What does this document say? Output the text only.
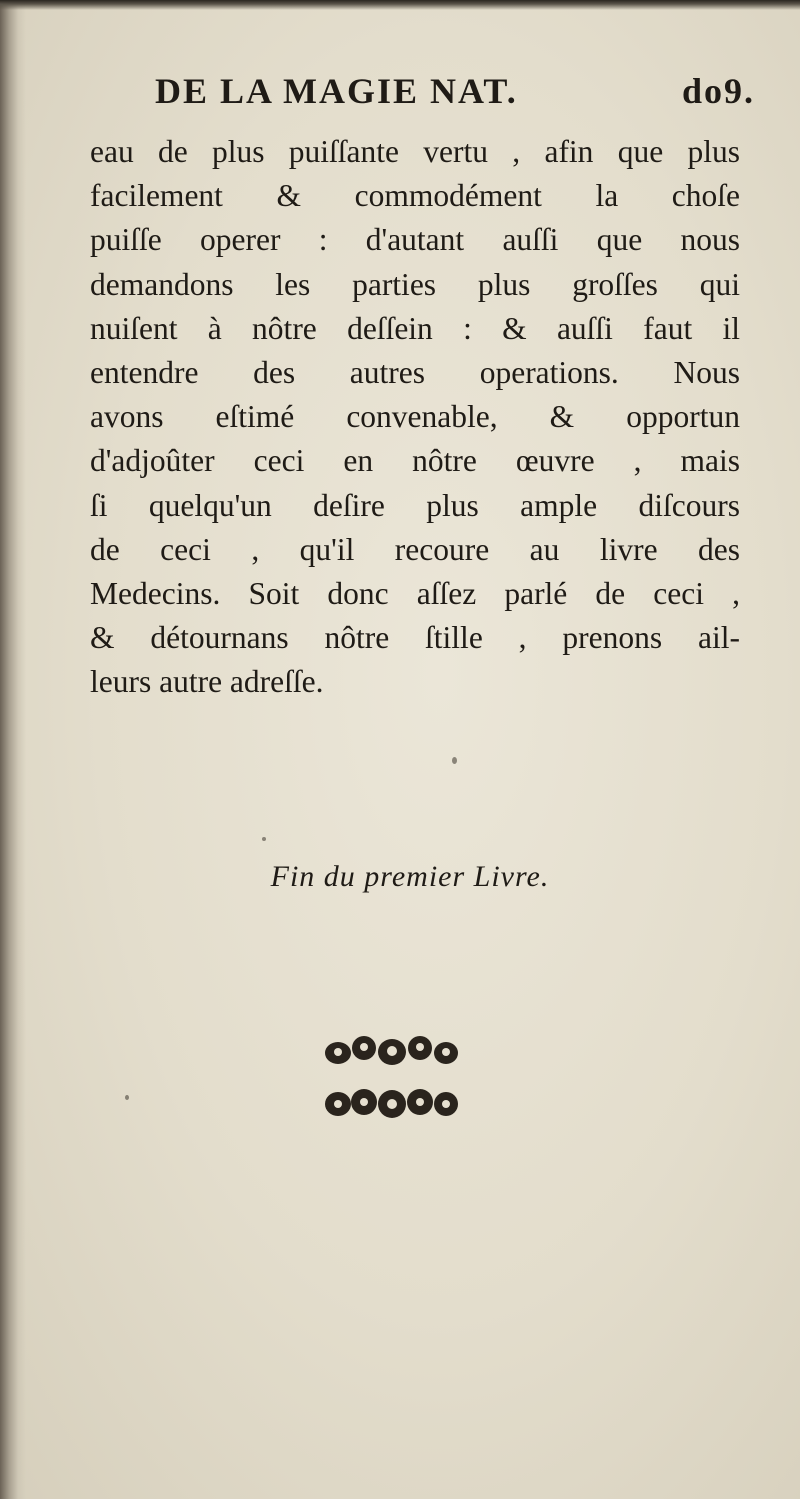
DE LA MAGIE NAT.	do9.
eau de plus puiſſante vertu , afin que plus
facilement & commodément la choſe
puiſſe operer : d'autant auſſi que nous
demandons les parties plus groſſes qui
nuiſent à nôtre deſſein : & auſſi faut il
entendre des autres operations. Nous
avons eſtimé convenable, & opportun
d'adjoûter ceci en nôtre œuvre , mais
ſi quelqu'un deſire plus ample diſcours
de ceci , qu'il recoure au livre des
Medecins. Soit donc aſſez parlé de ceci ,
& détournans nôtre ſtille , prenons ail-
leurs autre adreſſe.
Fin du premier Livre.
